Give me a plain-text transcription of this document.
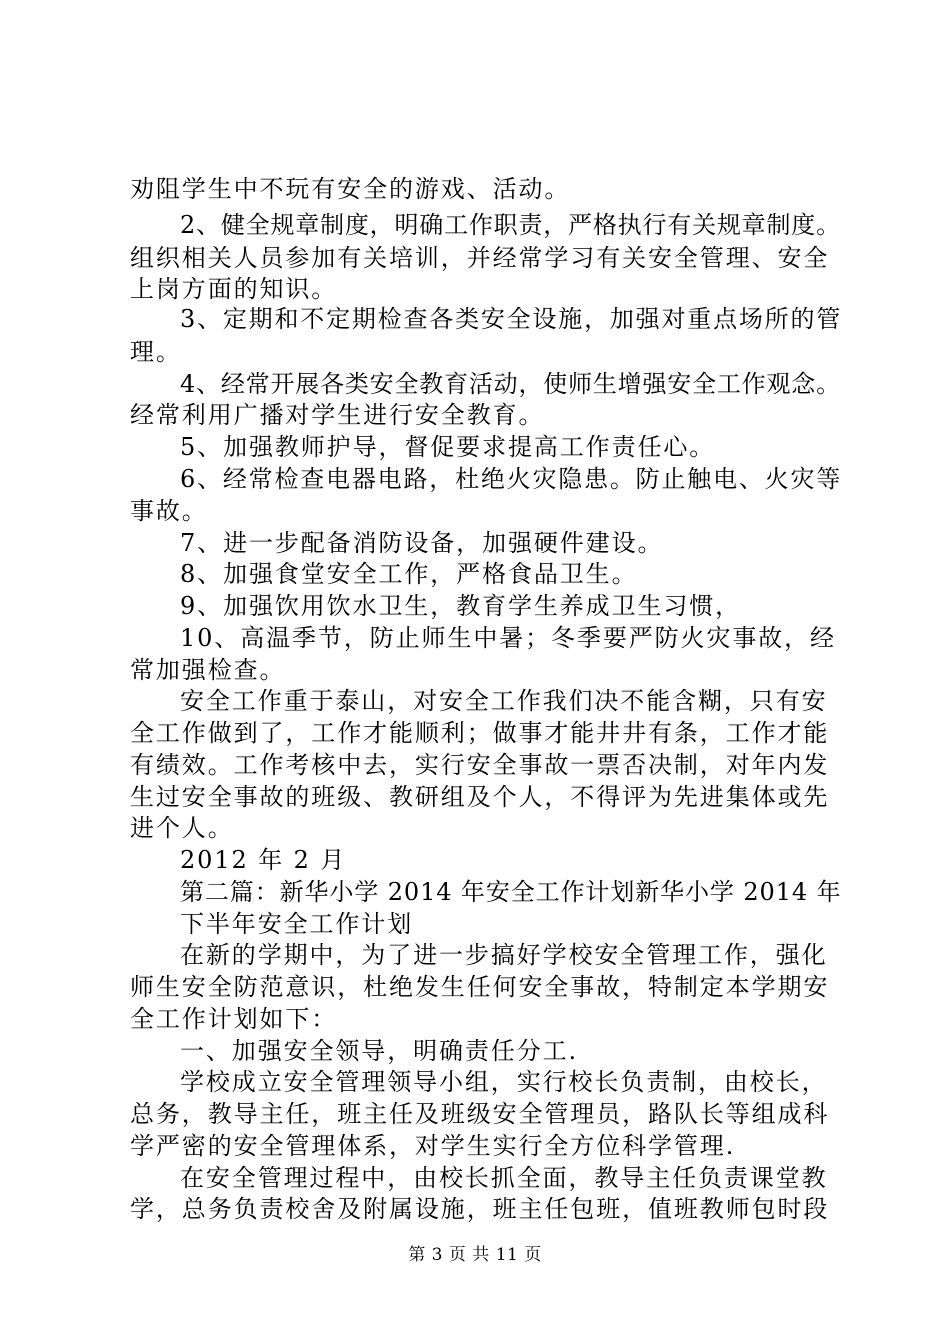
劝阻学生中不玩有安全的游戏、活动。
2、健全规章制度，明确工作职责，严格执行有关规章制度。
组织相关人员参加有关培训，并经常学习有关安全管理、安全
上岗方面的知识。
3、定期和不定期检查各类安全设施，加强对重点场所的管
理。
4、经常开展各类安全教育活动，使师生增强安全工作观念。
经常利用广播对学生进行安全教育。
5、加强教师护导，督促要求提高工作责任心。
6、经常检查电器电路，杜绝火灾隐患。防止触电、火灾等
事故。
7、进一步配备消防设备，加强硬件建设。
8、加强食堂安全工作，严格食品卫生。
9、加强饮用饮水卫生，教育学生养成卫生习惯，
10、高温季节，防止师生中暑；冬季要严防火灾事故，经
常加强检查。
安全工作重于泰山，对安全工作我们决不能含糊，只有安
全工作做到了，工作才能顺利；做事才能井井有条，工作才能
有绩效。工作考核中去，实行安全事故一票否决制，对年内发
生过安全事故的班级、教研组及个人，不得评为先进集体或先
进个人。
2012 年 2 月
第二篇：新华小学 2014 年安全工作计划新华小学 2014 年
下半年安全工作计划
在新的学期中，为了进一步搞好学校安全管理工作，强化
师生安全防范意识，杜绝发生任何安全事故，特制定本学期安
全工作计划如下：
一、加强安全领导，明确责任分工.
学校成立安全管理领导小组，实行校长负责制，由校长，
总务，教导主任，班主任及班级安全管理员，路队长等组成科
学严密的安全管理体系，对学生实行全方位科学管理.
在安全管理过程中，由校长抓全面，教导主任负责课堂教
学，总务负责校舍及附属设施，班主任包班，值班教师包时段
第 3 页 共 11 页
